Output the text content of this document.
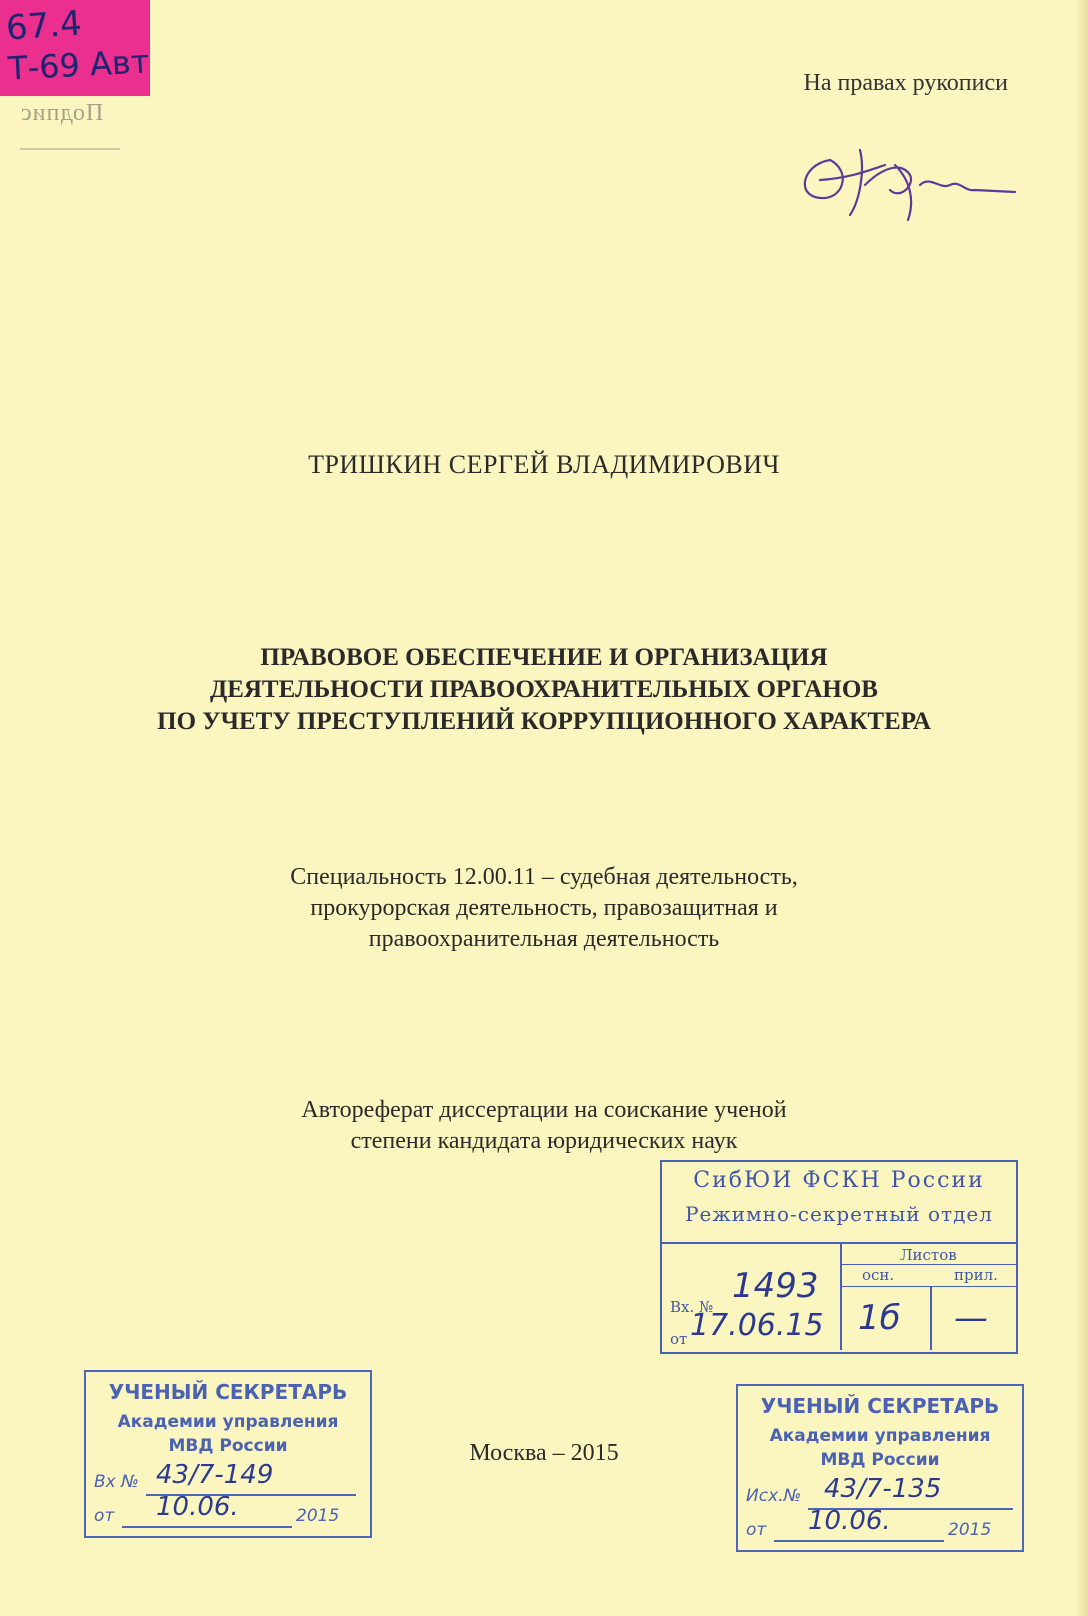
67.4
Т-69 Авт
Подпис
На правах рукописи
ТРИШКИН СЕРГЕЙ ВЛАДИМИРОВИЧ
ПРАВОВОЕ ОБЕСПЕЧЕНИЕ И ОРГАНИЗАЦИЯ
ДЕЯТЕЛЬНОСТИ ПРАВООХРАНИТЕЛЬНЫХ ОРГАНОВ
ПО УЧЕТУ ПРЕСТУПЛЕНИЙ КОРРУПЦИОННОГО ХАРАКТЕРА
Специальность 12.00.11 – судебная деятельность,
прокурорская деятельность, правозащитная и
правоохранительная деятельность
Автореферат диссертации на соискание ученой
степени кандидата юридических наук
Москва – 2015
СибЮИ ФСКН России
Режимно-секретный отдел
Вх. №
1493
от 17.06.15
Листов
осн.	прил.
1б —
УЧЕНЫЙ СЕКРЕТАРЬ
Академии управления
МВД России
Вх № 43/7-149
от 10.06.	2015
УЧЕНЫЙ СЕКРЕТАРЬ
Академии управления
МВД России
Исх.№ 43/7-135
от 10.06.	2015
